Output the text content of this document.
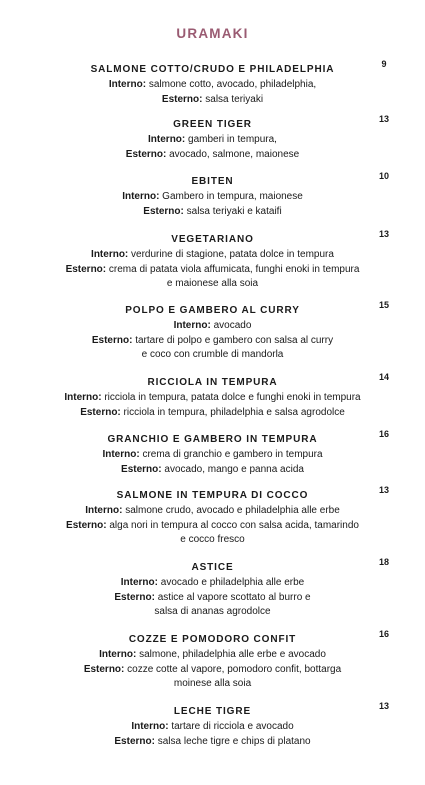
URAMAKI
9
SALMONE COTTO/CRUDO E PHILADELPHIA
Interno: salmone cotto, avocado, philadelphia,
Esterno: salsa teriyaki
13
GREEN TIGER
Interno: gamberi in tempura,
Esterno: avocado, salmone, maionese
10
EBITEN
Interno: Gambero in tempura, maionese
Esterno: salsa teriyaki e kataifi
13
VEGETARIANO
Interno: verdurine di stagione, patata dolce in tempura
Esterno: crema di patata viola affumicata, funghi enoki in tempura
e maionese alla soia
15
POLPO E GAMBERO AL CURRY
Interno: avocado
Esterno: tartare di polpo e gambero con salsa al curry
e coco con crumble di mandorla
14
RICCIOLA IN TEMPURA
Interno: ricciola in tempura, patata dolce e funghi enoki in tempura
Esterno: ricciola in tempura, philadelphia e salsa agrodolce
16
GRANCHIO E GAMBERO IN TEMPURA
Interno: crema di granchio e gambero in tempura
Esterno: avocado, mango e panna acida
13
SALMONE IN TEMPURA DI COCCO
Interno: salmone crudo, avocado e philadelphia alle erbe
Esterno: alga nori in tempura al cocco con salsa acida, tamarindo
e cocco fresco
18
ASTICE
Interno: avocado e philadelphia alle erbe
Esterno: astice al vapore scottato al burro e
salsa di ananas agrodolce
16
COZZE E POMODORO CONFIT
Interno: salmone, philadelphia alle erbe e avocado
Esterno: cozze cotte al vapore, pomodoro confit, bottarga
moinese alla soia
13
LECHE TIGRE
Interno: tartare di ricciola e avocado
Esterno: salsa leche tigre e chips di platano
